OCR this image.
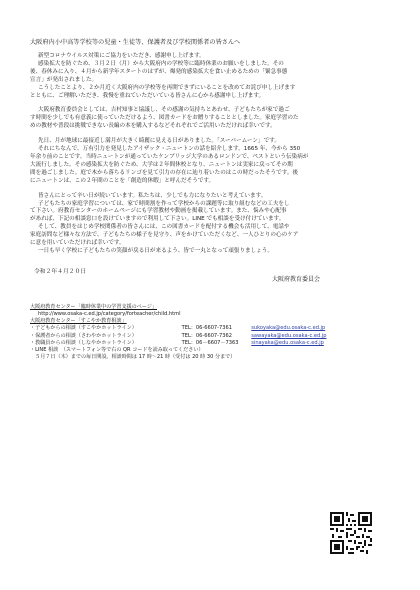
大阪府内小中高等学校等の児童・生徒等、保護者及び学校関係者の皆さんへ
新型コロナウイルス対策にご協力をいただき、感謝申し上げます。
感染拡大を防ぐため、３月２日（月）から大阪府内の学校等に臨時休業のお願いをしました。その
後、春休みに入り、４月から新学年スタートのはずが、爆発的感染拡大を食い止めるための「緊急事態
宣言」が発出されました。
こうしたことより、２か月近く大阪府内の学校等を再開できずにいることを改めてお詫び申し上げます
とともに、ご理解いただき、我慢を重ねていただいている皆さんに心から感謝申し上げます。
大阪府教育委員会としては、吉村知事と協議し、その感謝の気持ちとあわせ、子どもたちが家で過ご
す時間を少しでも有意義に使っていただけるよう、図書カードをお贈りすることとしました。家庭学習のた
めの教材や普段は挑戦できない長編の本を購入するなどそれぞれでご活用いただければ幸いです。
先日、月が地球に最接近し満月が大きく綺麗に見える日がありました。「スーパームーン」です。
それにちなんで、万有引力を発見したアイザック・ニュートンの話を紹介します。1665 年、今から 350
年余り前のことです。当時ニュートンが通っていたケンブリッジ大学のあるロンドンで、ペストという伝染病が
大流行しました。その感染拡大を防ぐため、大学は２年間休校となり、ニュートンは実家に戻ってその期
間を過ごしました。庭で木から落ちるリンゴを見て引力の存在に辿り着いたのはこの時だったそうです。後
にニュートンは、この２年間のことを「創造的休暇」と呼んだそうです。
皆さんにとって辛い日が続いています。私たちは、少しでも力になりたいと考えています。
子どもたちの家庭学習については、家で時間割を作って学校からの課題等に取り組むなどの工夫をし
て下さい。府教育センターのホームページにも学習教材や動画を掲載しています。また、悩みや心配事
があれば、下記の相談窓口を設けていますので利用して下さい。LINE でも相談を受け付けています。
そして、教員をはじめ学校関係者の皆さんには、この図書カードを配付する機会も活用して、電話や
家庭訪問など様々な方法で、子どもたちの様子を見守り、声をかけていただくなど、一人ひとりの心のケア
に意を用いていただければ幸いです。
一日も早く学校に子どもたちの笑顔が戻る日が来るよう、皆で一丸となって頑張りましょう。
令和２年４月２０日
大阪府教育委員会
大阪府教育センター「臨時休業中の学習支援のページ」
http://www.osaka-c.ed.jp/category/forteacher/child.html
大阪府教育センター「すこやか教育相談」
・子どもからの相談（すこやかホットライン）	TEL：06-6607-7361	sukoyaka@edu.osaka-c.ed.jp
・保護者からの相談（さわやかホットライン）	TEL：06-6607-7362	sawayaka@edu.osaka-c.ed.jp
・教職員からの相談（しなやかホットライン）	TEL：06－6607－7363	sinayaka@edu.osaka-c.ed.jp
・LINE 相談　（スマートフォン等で右の QR コードを読み取ってください）
　５月７日（木）までの毎日開設。相談時間は 17 時～21 時（受付は 20 時 30 分まで）
